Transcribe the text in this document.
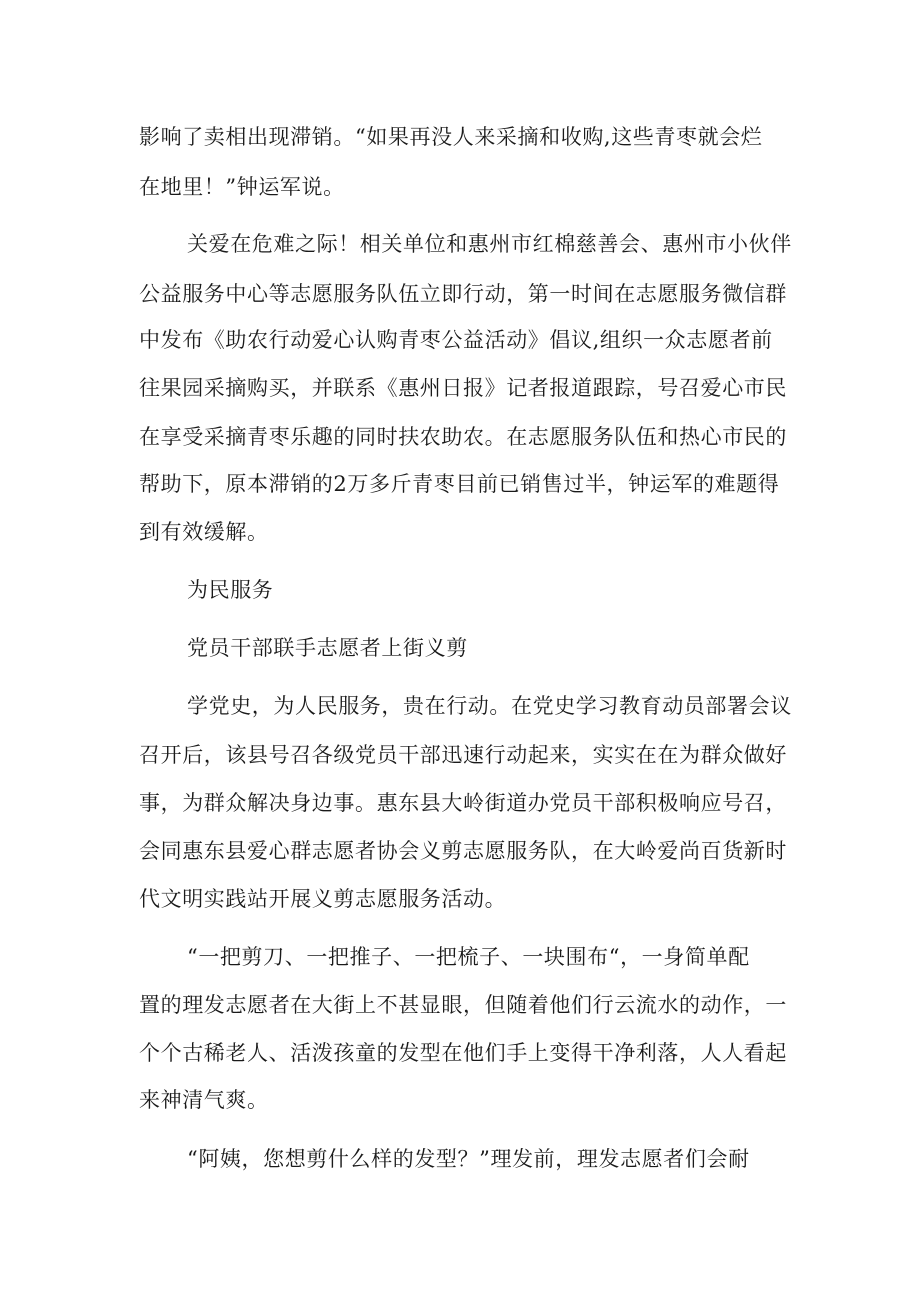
影响了卖相出现滞销。“如果再没人来采摘和收购,这些青枣就会烂
在地里！”钟运军说。
关爱在危难之际！相关单位和惠州市红棉慈善会、惠州市小伙伴
公益服务中心等志愿服务队伍立即行动，第一时间在志愿服务微信群
中发布《助农行动爱心认购青枣公益活动》倡议,组织一众志愿者前
往果园采摘购买，并联系《惠州日报》记者报道跟踪，号召爱心市民
在享受采摘青枣乐趣的同时扶农助农。在志愿服务队伍和热心市民的
帮助下，原本滞销的2万多斤青枣目前已销售过半，钟运军的难题得
到有效缓解。
为民服务
党员干部联手志愿者上街义剪
学党史，为人民服务，贵在行动。在党史学习教育动员部署会议
召开后，该县号召各级党员干部迅速行动起来，实实在在为群众做好
事，为群众解决身边事。惠东县大岭街道办党员干部积极响应号召，
会同惠东县爱心群志愿者协会义剪志愿服务队，在大岭爱尚百货新时
代文明实践站开展义剪志愿服务活动。
“一把剪刀、一把推子、一把梳子、一块围布“，一身简单配
置的理发志愿者在大街上不甚显眼，但随着他们行云流水的动作，一
个个古稀老人、活泼孩童的发型在他们手上变得干净利落，人人看起
来神清气爽。
“阿姨，您想剪什么样的发型？”理发前，理发志愿者们会耐
